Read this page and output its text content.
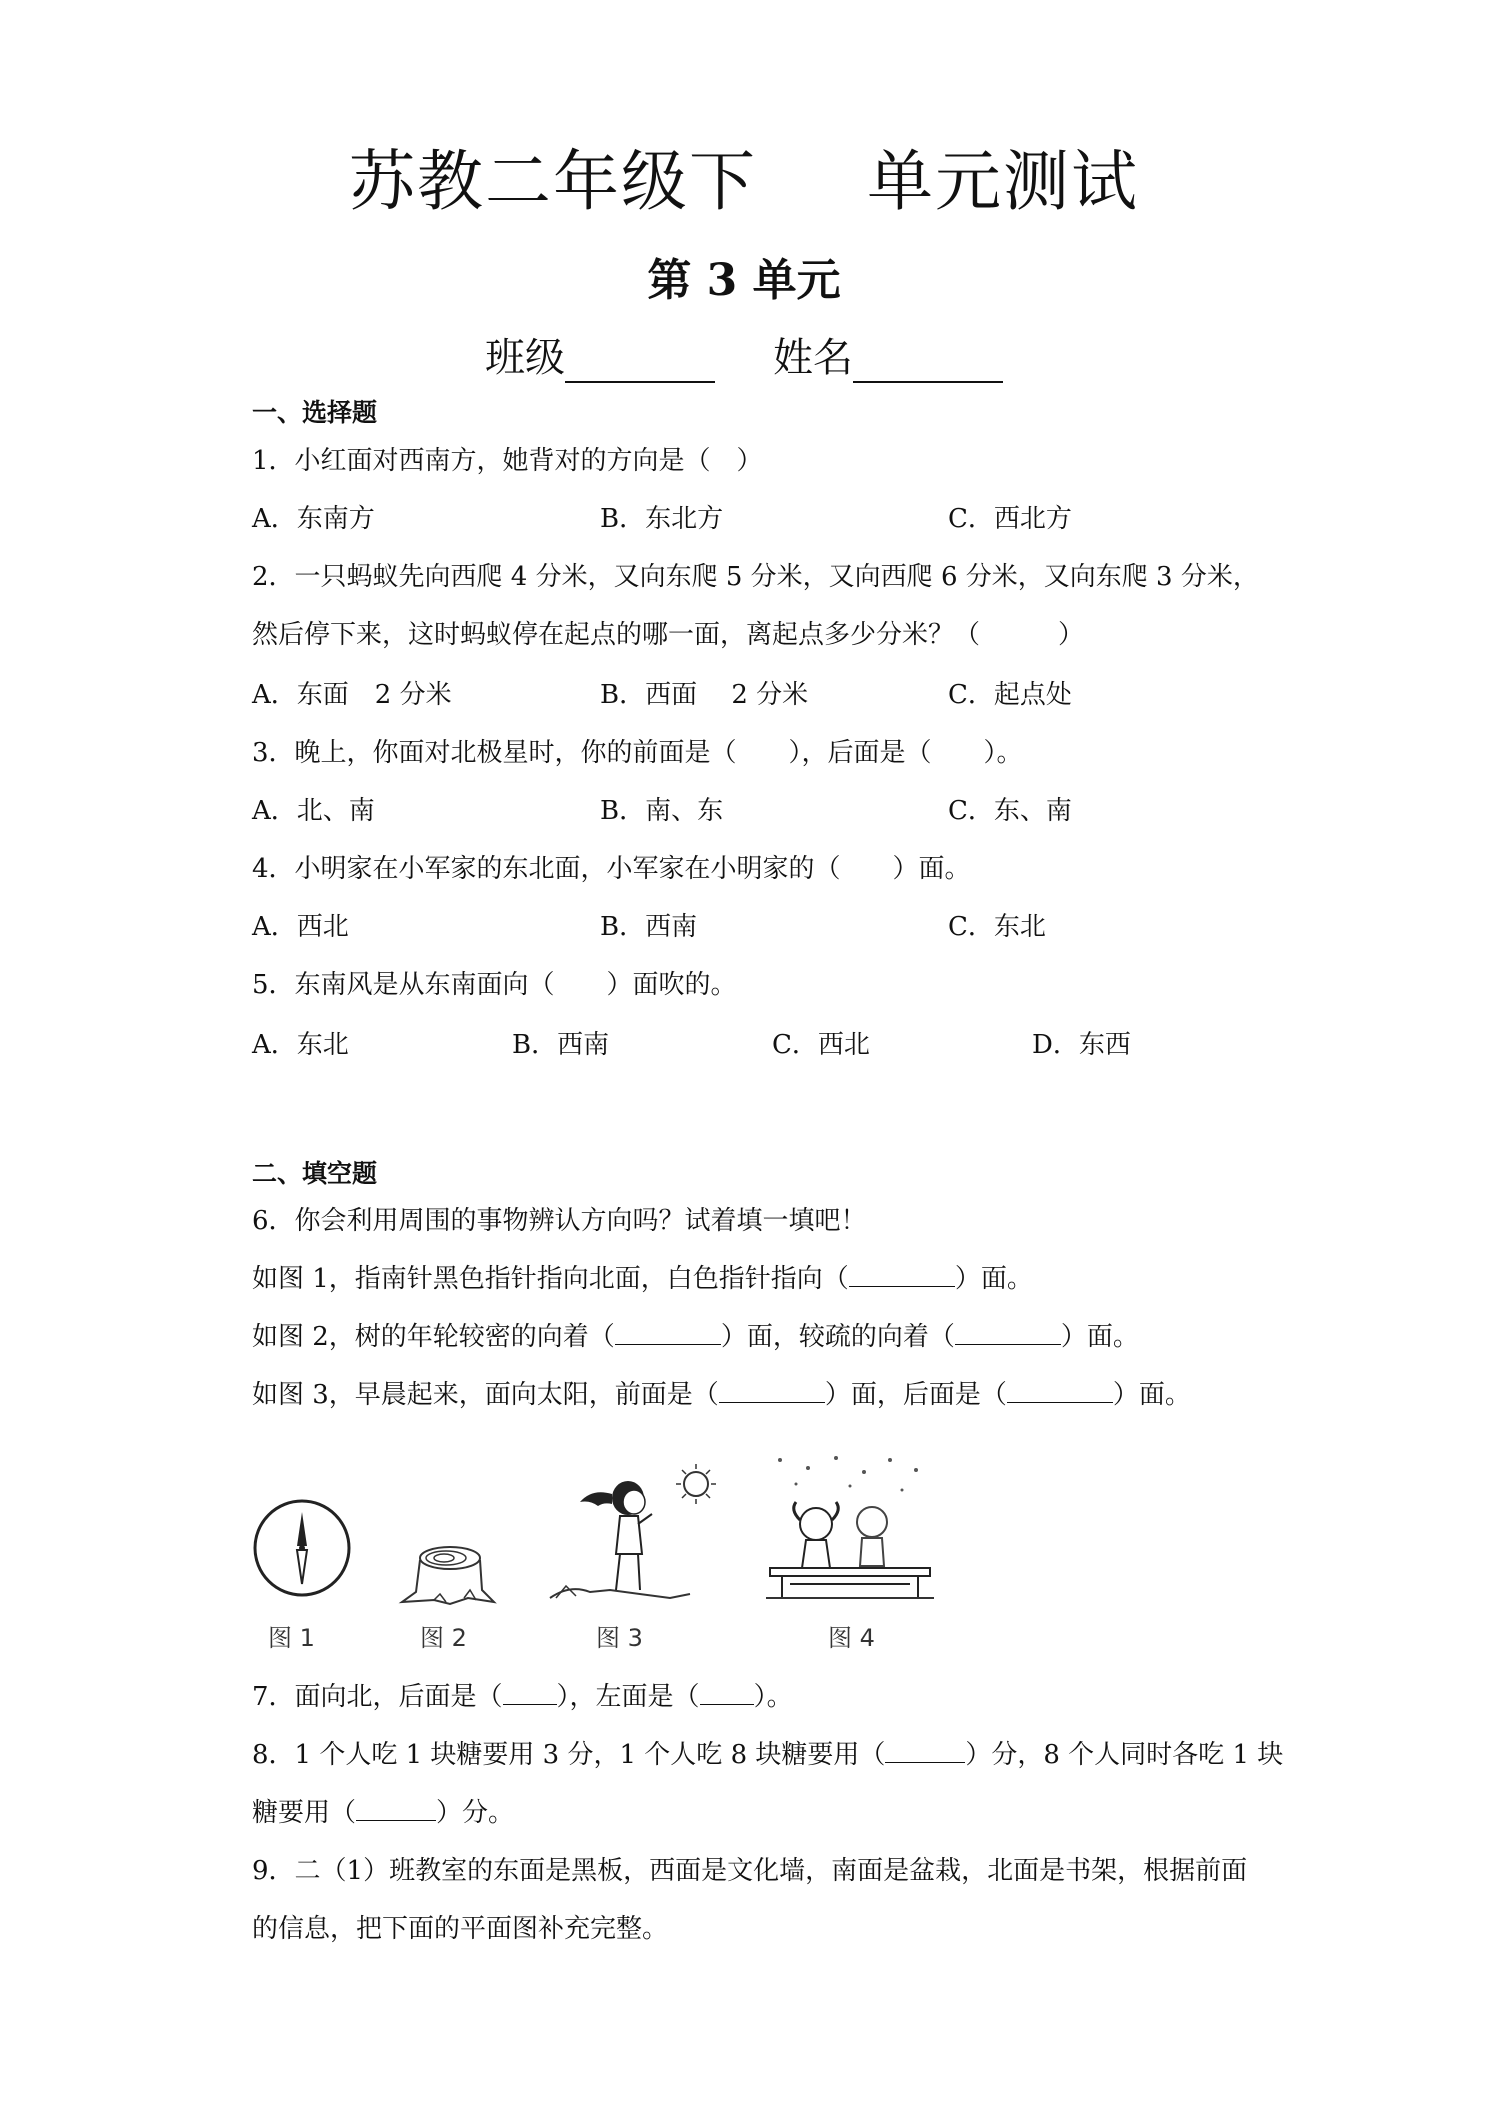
苏教二年级下 单元测试
第 3 单元
班级	姓名
一、选择题
1．小红面对西南方，她背对的方向是（　）
A．东南方	B．东北方	C．西北方
2．一只蚂蚁先向西爬 4 分米，又向东爬 5 分米，又向西爬 6 分米，又向东爬 3 分米，
然后停下来，这时蚂蚁停在起点的哪一面，离起点多少分米？（　　　）
A．东面　2 分米	B．西面　 2 分米	C．起点处
3．晚上，你面对北极星时，你的前面是（　　），后面是（　　）。
A．北、南	B．南、东	C．东、南
4．小明家在小军家的东北面，小军家在小明家的（　　）面。
A．西北	B．西南	C．东北
5．东南风是从东南面向（　　）面吹的。
A．东北	B．西南	C．西北	D．东西
二、填空题
6．你会利用周围的事物辨认方向吗？试着填一填吧！
如图 1，指南针黑色指针指向北面，白色指针指向（	）面。
如图 2，树的年轮较密的向着（	）面，较疏的向着（	）面。
如图 3，早晨起来，面向太阳，前面是（	）面，后面是（	）面。
图 1	图 2	图 3	图 4
7．面向北，后面是（ ），左面是（ ）。
8．1 个人吃 1 块糖要用 3 分，1 个人吃 8 块糖要用（	）分，8 个人同时各吃 1 块
糖要用（	）分。
9．二（1）班教室的东面是黑板，西面是文化墙，南面是盆栽，北面是书架，根据前面
的信息，把下面的平面图补充完整。
